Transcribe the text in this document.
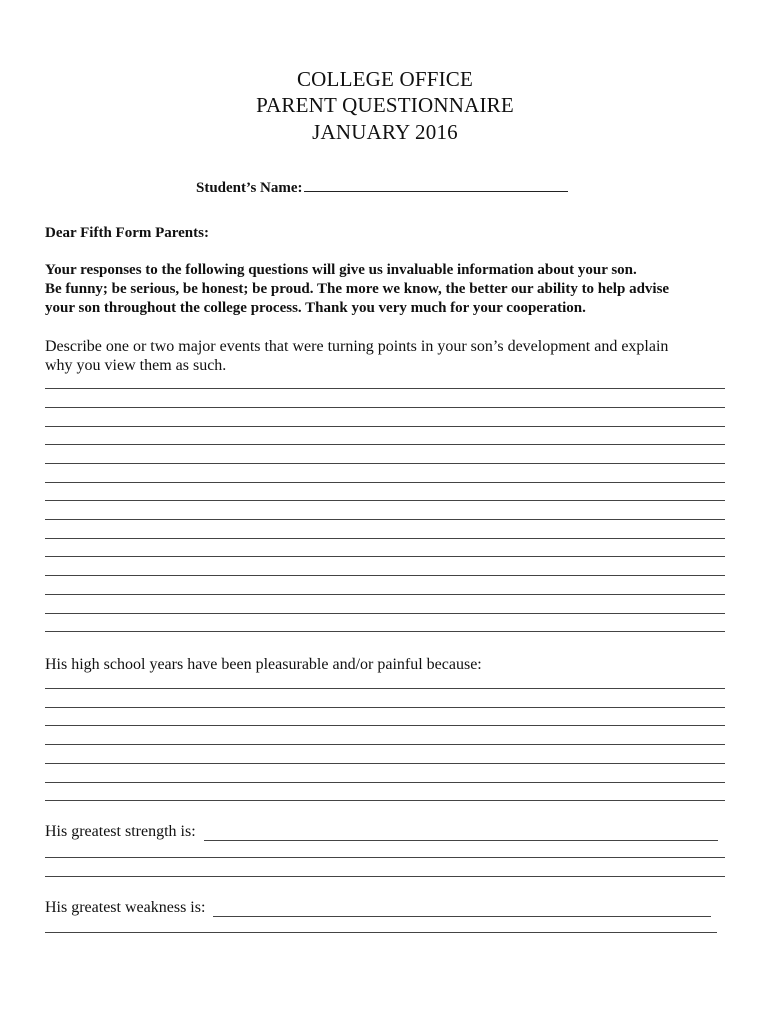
COLLEGE OFFICE
PARENT QUESTIONNAIRE
JANUARY 2016
Student’s Name:
Dear Fifth Form Parents:
Your responses to the following questions will give us invaluable information about your son.
Be funny; be serious, be honest; be proud. The more we know, the better our ability to help advise
your son throughout the college process. Thank you very much for your cooperation.
Describe one or two major events that were turning points in your son’s development and explain
why you view them as such.
His high school years have been pleasurable and/or painful because:
His greatest strength is:
His greatest weakness is:
